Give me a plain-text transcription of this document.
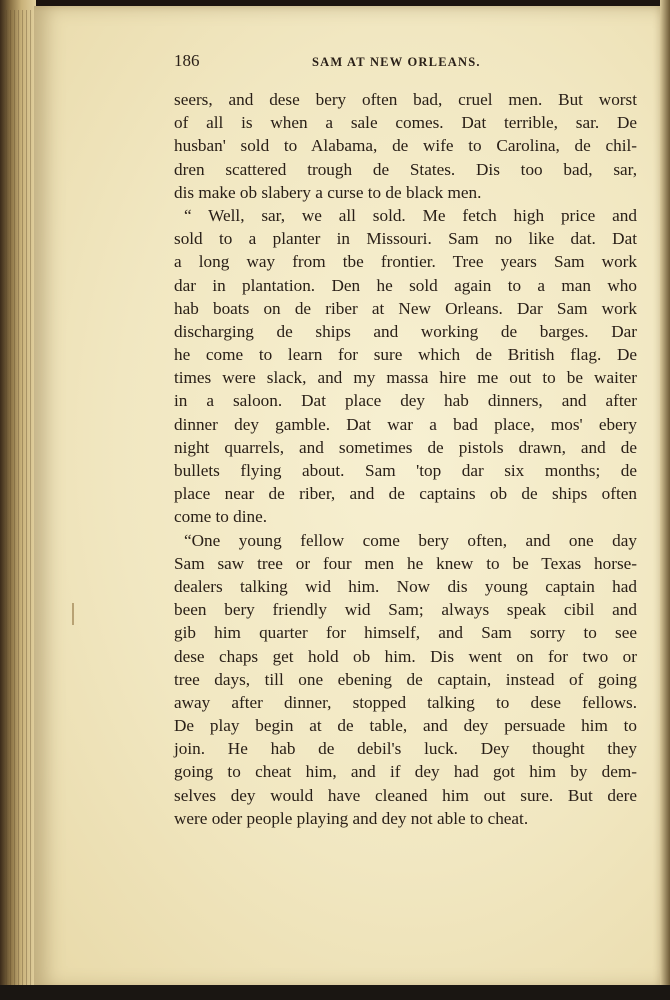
186	SAM AT NEW ORLEANS.
seers, and dese bery often bad, cruel men. But worst
of all is when a sale comes. Dat terrible, sar. De
husban' sold to Alabama, de wife to Carolina, de chil-
dren scattered trough de States. Dis too bad, sar,
dis make ob slabery a curse to de black men.
“ Well, sar, we all sold. Me fetch high price and
sold to a planter in Missouri. Sam no like dat. Dat
a long way from tbe frontier. Tree years Sam work
dar in plantation. Den he sold again to a man who
hab boats on de riber at New Orleans. Dar Sam work
discharging de ships and working de barges. Dar
he come to learn for sure which de British flag. De
times were slack, and my massa hire me out to be waiter
in a saloon. Dat place dey hab dinners, and after
dinner dey gamble. Dat war a bad place, mos' ebery
night quarrels, and sometimes de pistols drawn, and de
bullets flying about. Sam 'top dar six months; de
place near de riber, and de captains ob de ships often
come to dine.
“One young fellow come bery often, and one day
Sam saw tree or four men he knew to be Texas horse-
dealers talking wid him. Now dis young captain had
been bery friendly wid Sam; always speak cibil and
gib him quarter for himself, and Sam sorry to see
dese chaps get hold ob him. Dis went on for two or
tree days, till one ebening de captain, instead of going
away after dinner, stopped talking to dese fellows.
De play begin at de table, and dey persuade him to
join. He hab de debil's luck. Dey thought they
going to cheat him, and if dey had got him by dem-
selves dey would have cleaned him out sure. But dere
were oder people playing and dey not able to cheat.
